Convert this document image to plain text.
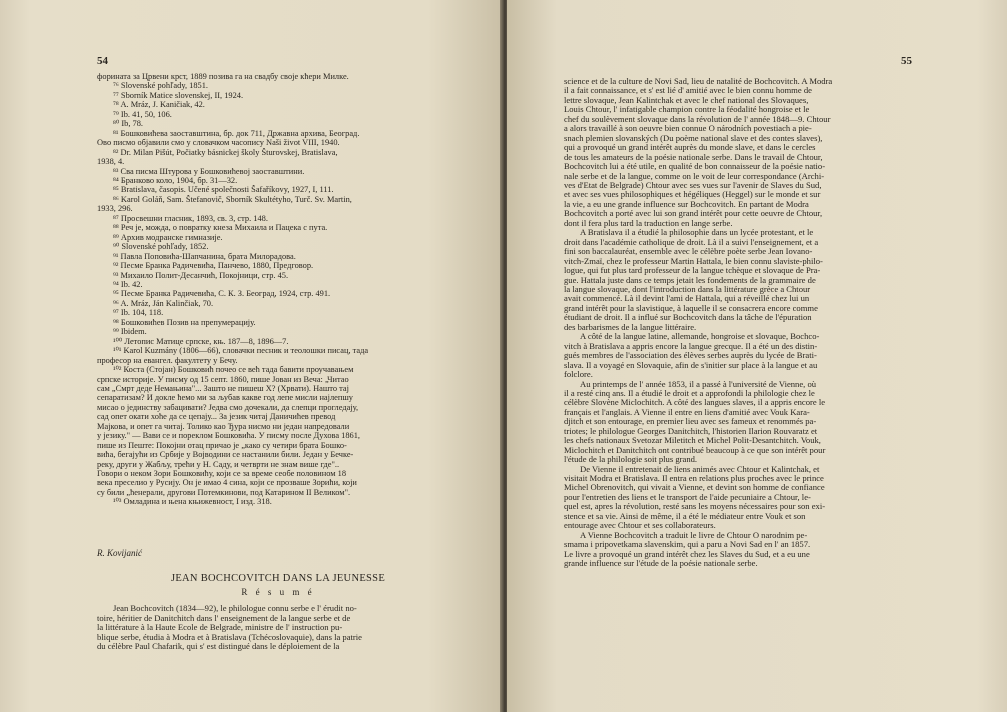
54
форината за Црвени крст, 1889 позива га на свадбу своје кћери Милке.
⁷⁶ Slovenské pohľady, 1851.
⁷⁷ Sborník Matice slovenskej, II, 1924.
⁷⁸ A. Mráz, J. Kaničiak, 42.
⁷⁹ Ib. 41, 50, 106.
⁸⁰ Ib, 78.
⁸¹ Бошковићева заоставштина, бр. док 711, Државна архива, Београд.
Ово писмо објавили смо у словачком часопису Naši život VIII, 1940.
⁸² Dr. Milan Pišút, Počiatky básnickej školy Šturovskej, Bratislava,
1938, 4.
⁸³ Сва писма Штурова у Бошковићевој заоставштини.
⁸⁴ Бранково коло, 1904, бр. 31—32.
⁸⁵ Bratislava, časopis. Učené společnosti Šafaříkovy, 1927, I, 111.
⁸⁶ Karol Goláň, Sam. Štefanovič, Sborník Skultétyho, Turč. Sv. Martin,
1933, 296.
⁸⁷ Просвешни гласник, 1893, св. 3, стр. 148.
⁸⁸ Реч је, можда, о повратку кнеза Михаила и Пацека с пута.
⁸⁹ Архив модранске гимназије.
⁹⁰ Slovenské pohľady, 1852.
⁹¹ Павла Поповића-Шапчанина, брата Милорадова.
⁹² Песме Бранка Радичевића, Панчево, 1880, Предговор.
⁹³ Михаило Полит-Десанчић, Покојници, стр. 45.
⁹⁴ Ib. 42.
⁹⁵ Песме Бранка Радичевића, С. К. З. Београд, 1924, стр. 491.
⁹⁶ A. Mráz, Ján Kalinčiak, 70.
⁹⁷ Ib. 104, 118.
⁹⁸ Бошковићев Позив на препумерацију.
⁹⁹ Ibidem.
¹⁰⁰ Летопис Матице српске, књ. 187—8, 1896—7.
¹⁰¹ Karol Kuzmány (1806—66), словачки песник и теолошки писац, тада
професор на евангел. факултету у Бечу.
¹⁰² Коста (Стојан) Бошковић почео се већ тада бавити проучавањем
српске историје. У писму од 15 септ. 1860, пише Јован из Веча: „Читао
сам „Смрт деде Немањина"... Зашто не пишеш Х? (Хрвати). Нашто тај
сепаратизам? И докле ћемо ми за љубав какве год лепе мисли најлепшу
мисао о јединству забацивати? Једва смо дочекали, да слепци прогледају,
сад опет окати хоће да се цепају... За језик читај Даничићев превод
Мајкова, и опет га читај. Толико као Ђура нисмо ни један напредовали
у језику." — Вави се и пореклом Бошковића. У писму после Духова 1861,
пише из Пеште: Покојни отац причао је „како су четири брата Бошко-
вића, бегајући из Србије у Војводини се настанили били. Један у Бечке-
реку, други у Жабљу, трећи у Н. Саду, и четврти не знам више где"..
Говори о неком Зори Бошковићу, који се за време сеобе половином 18
века преселио у Русију. Он је имао 4 сина, који се прозваше Зорићи, који
су били „ћенерали, другови Потемкинови, под Катарином II Великом".
¹⁰³ Омладина и њена књижевност, I изд. 318.
R. Kovijanić
JEAN BOCHCOVITCH DANS LA JEUNESSE
R é s u m é
Jean Bochcovitch (1834—92), le philologue connu serbe e l' érudit no-
toire, héritier de Danitchitch dans l' enseignement de la langue serbe et de
la littérature à la Haute Ecole de Belgrade, ministre de l' instruction pu-
blique serbe, étudia à Modra et à Bratislava (Tchécoslovaquie), dans la patrie
du célèbre Paul Chafarik, qui s' est distingué dans le déploiement de la
55
science et de la culture de Novi Sad, lieu de natalité de Bochcovitch. A Modra
il a fait connaissance, et s' est lié d' amitié avec le bien connu homme de
lettre slovaque, Jean Kalintchak et avec le chef national des Slovaques,
Louis Chtour, l' infatigable champion contre la féodalité hongroise et le
chef du soulèvement slovaque dans la révolution de l' année 1848—9. Chtour
a alors travaillé à son oeuvre bien connue O národních povestiach a pie-
snach plemien slovanských (Du poème national slave et des contes slaves),
qui a provoqué un grand intérêt auprès du monde slave, et dans le cercles
de tous les amateurs de la poésie nationale serbe. Dans le travail de Chtour,
Bochcovitch lui a été utile, en qualité de bon connaisseur de la poésie natio-
nale serbe et de la langue, comme on le voit de leur correspondance (Archi-
ves d'Etat de Belgrade) Chtour avec ses vues sur l'avenir de Slaves du Sud,
et avec ses vues philosophiques et hégéliques (Heggel) sur le monde et sur
la vie, a eu une grande influence sur Bochcovitch. En partant de Modra
Bochcovitch a porté avec lui son grand intérêt pour cette oeuvre de Chtour,
dont il fera plus tard la traduction en lange serbe.
A Bratislava il a étudié la philosophie dans un lycée protestant, et le
droit dans l'académie catholique de droit. Là il a suivi l'enseignement, et a
fini son baccalauréat, ensemble avec le célèbre poète serbe Jean Iovano-
vitch-Zmaï, chez le professeur Martin Hattala, le bien connu slaviste-philo-
logue, qui fut plus tard professeur de la langue tchèque et slovaque de Pra-
gue. Hattala juste dans ce temps jetait les fondements de la grammaire de
la langue slovaque, dont l'introduction dans la littérature grèce a Chtour
avait commencé. Là il devint l'ami de Hattala, qui a réveillé chez lui un
grand intérêt pour la slavistique, à laquelle il se consacrera encore comme
étudiant de droit. Il a influé sur Bochcovitch dans la tâche de l'épuration
des barbarismes de la langue littéraire.
A côté de la langue latine, allemande, hongroise et slovaque, Bochco-
vitch à Bratislava a appris encore la langue grecque. Il a été un des distin-
gués membres de l'association des élèves serbes auprès du lycée de Brati-
slava. Il a voyagé en Slovaquie, afin de s'initier sur place à la langue et au
folclore.
Au printemps de l' année 1853, il a passé à l'université de Vienne, où
il a resté cinq ans. Il a étudié le droit et a approfondi la philologie chez le
célèbre Slovène Miclochitch. A côté des langues slaves, il a appris encore le
français et l'anglais. A Vienne il entre en liens d'amitié avec Vouk Kara-
djitch et son entourage, en premier lieu avec ses fameux et renommés pa-
triotes; le philologue Georges Danitchitch, l'historien Ilarion Rouvaratz et
les chefs nationaux Svetozar Miletitch et Michel Polit-Desantchitch. Vouk,
Miclochitch et Danitchitch ont contribué beaucoup à ce que son intérêt pour
l'étude de la philologie soit plus grand.
De Vienne il entretenait de liens animés avec Chtour et Kalintchak, et
visitait Modra et Bratislava. Il entra en relations plus proches avec le prince
Michel Obrenovitch, qui vivait a Vienne, et devint son homme de confiance
pour l'entretien des liens et le transport de l'aide pecuniaire a Chtour, le-
quel est, apres la révolution, resté sans les moyens nécessaires pour son exi-
stence et sa vie. Ainsi de même, il a été le médiateur entre Vouk et son
entourage avec Chtour et ses collaborateurs.
A Vienne Bochcovitch a traduit le livre de Chtour O narodnim pe-
smama i pripovetkama slavenskim, qui a paru a Novi Sad en l' an 1857.
Le livre a provoqué un grand intérêt chez les Slaves du Sud, et a eu une
grande influence sur l'étude de la poésie nationale serbe.
